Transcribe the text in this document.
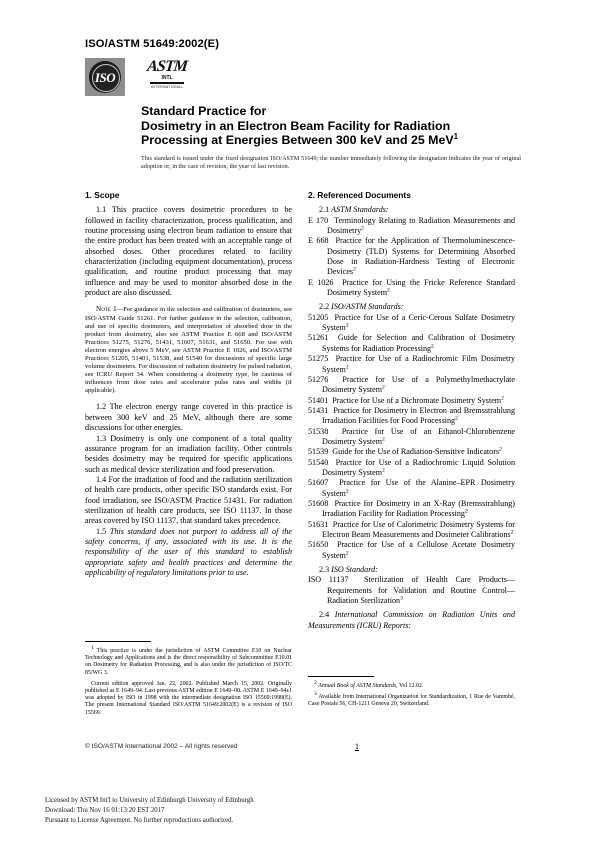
ISO/ASTM 51649:2002(E)
ISO
ASTM
INTL
INTERNATIONAL
Standard Practice for
Dosimetry in an Electron Beam Facility for Radiation
Processing at Energies Between 300 keV and 25 MeV$^1$
This standard is issued under the fixed designation ISO/ASTM 51649; the number immediately following the designation indicates the year of original adoption or, in the case of revision, the year of last revision.
1. Scope

1.1 This practice covers dosimetric procedures to be followed in facility characterization, process qualification, and routine processing using electron beam radiation to ensure that the entire product has been treated with an acceptable range of absorbed doses. Other procedures related to facility characterization (including equipment documentation), process qualification, and routine product processing that may influence and may be used to monitor absorbed dose in the product are also discussed.

Note 1—For guidance in the selection and calibration of dosimeters, see ISO/ASTM Guide 51261. For further guidance in the selection, calibration, and use of specific dosimeters, and interpretation of absorbed dose in the product from dosimetry, also see ASTM Practice E 668 and ISO/ASTM Practices 51275, 51276, 51431, 51607, 51631, and 51650. For use with electron energies above 5 MeV, see ASTM Practice E 1026, and ISO/ASTM Practices 51205, 51401, 51538, and 51540 for discussions of specific large volume dosimeters. For discussion of radiation dosimetry for pulsed radiation, see ICRU Report 34. When considering a dosimetry type, be cautious of influences from dose rates and accelerator pulse rates and widths (if applicable).

1.2 The electron energy range covered in this practice is between 300 keV and 25 MeV, although there are some discussions for other energies.

1.3 Dosimetry is only one component of a total quality assurance program for an irradiation facility. Other controls besides dosimetry may be required for specific applications such as medical device sterilization and food preservation.

1.4 For the irradiation of food and the radiation sterilization of health care products, other specific ISO standards exist. For food irradiation, see ISO/ASTM Practice 51431. For radiation sterilization of health care products, see ISO 11137. In those areas covered by ISO 11137, that standard takes precedence.

1.5 This standard does not purport to address all of the safety concerns, if any, associated with its use. It is the responsibility of the user of this standard to establish appropriate safety and health practices and determine the applicability of regulatory limitations prior to use.

2. Referenced Documents

2.1 ASTM Standards:

E 170 Terminology Relating to Radiation Measurements and Dosimetry$^2$

E 668 Practice for the Application of Thermoluminescence-Dosimetry (TLD) Systems for Determining Absorbed Dose in Radiation-Hardness Testing of Electronic Devices$^2$

E 1026 Practice for Using the Fricke Reference Standard Dosimetry System$^2$

2.2 ISO/ASTM Standards:

51205 Practice for Use of a Ceric-Cerous Sulfate Dosimetry System$^2$

51261 Guide for Selection and Calibration of Dosimetry Systems for Radiation Processing$^2$

51275 Practice for Use of a Radiochromic Film Dosimetry System$^2$

51276 Practice for Use of a Polymethylmethacrylate Dosimetry System$^2$

51401 Practice for Use of a Dichromate Dosimetry System$^2$

51431 Practice for Dosimetry in Electron and Bremsstrahlung Irradiation Facilities for Food Processing$^2$

51538 Practice for Use of an Ethanol-Chlorobenzene Dosimetry System$^2$

51539 Guide for the Use of Radiation-Sensitive Indicators$^2$

51540 Practice for Use of a Radiochromic Liquid Solution Dosimetry System$^2$

51607 Practice for Use of the Alanine–EPR Dosimetry System$^2$

51608 Practice for Dosimetry in an X-Ray (Bremsstrahlung) Irradiation Facility for Radiation Processing$^2$

51631 Practice for Use of Calorimetric Dosimetry Systems for Electron Beam Measurements and Dosimeter Calibrations$^2$

51650 Practice for Use of a Cellulose Acetate Dosimetry System$^2$

2.3 ISO Standard:

ISO 11137 Sterilization of Health Care Products—Requirements for Validation and Routine Control—Radiation Sterilization$^3$

2.4 International Commission on Radiation Units and Measurements (ICRU) Reports:

$^1$ This practice is under the jurisdiction of ASTM Committee E10 on Nuclear Technology and Applications and is the direct responsibility of Subcommittee E10.01 on Dosimetry for Radiation Processing, and is also under the jurisdiction of ISO/TC 85/WG 3.

Current edition approved Jan. 22, 2002. Published March 15, 2002. Originally published as E 1649–94. Last previous ASTM edition E 1649–00. ASTM E 1649–94ε1 was adopted by ISO in 1998 with the intermediate designation ISO 15569:1998(E). The present International Standard ISO/ASTM 51649:2002(E) is a revision of ISO 15569.

$^2$ Annual Book of ASTM Standards, Vol 12.02.

$^3$ Available from International Organization for Standardization, 1 Rue de Varembé, Case Postale 56, CH-1211 Geneva 20, Switzerland.

© ISO/ASTM International 2002 – All rights reserved	1
Licensed by ASTM Int'l to University of Edinburgh University of Edinburgh
Download: Thu Nov 16 01:13:20 EST 2017
Pursuant to License Agreement. No further reproductions authorized.
